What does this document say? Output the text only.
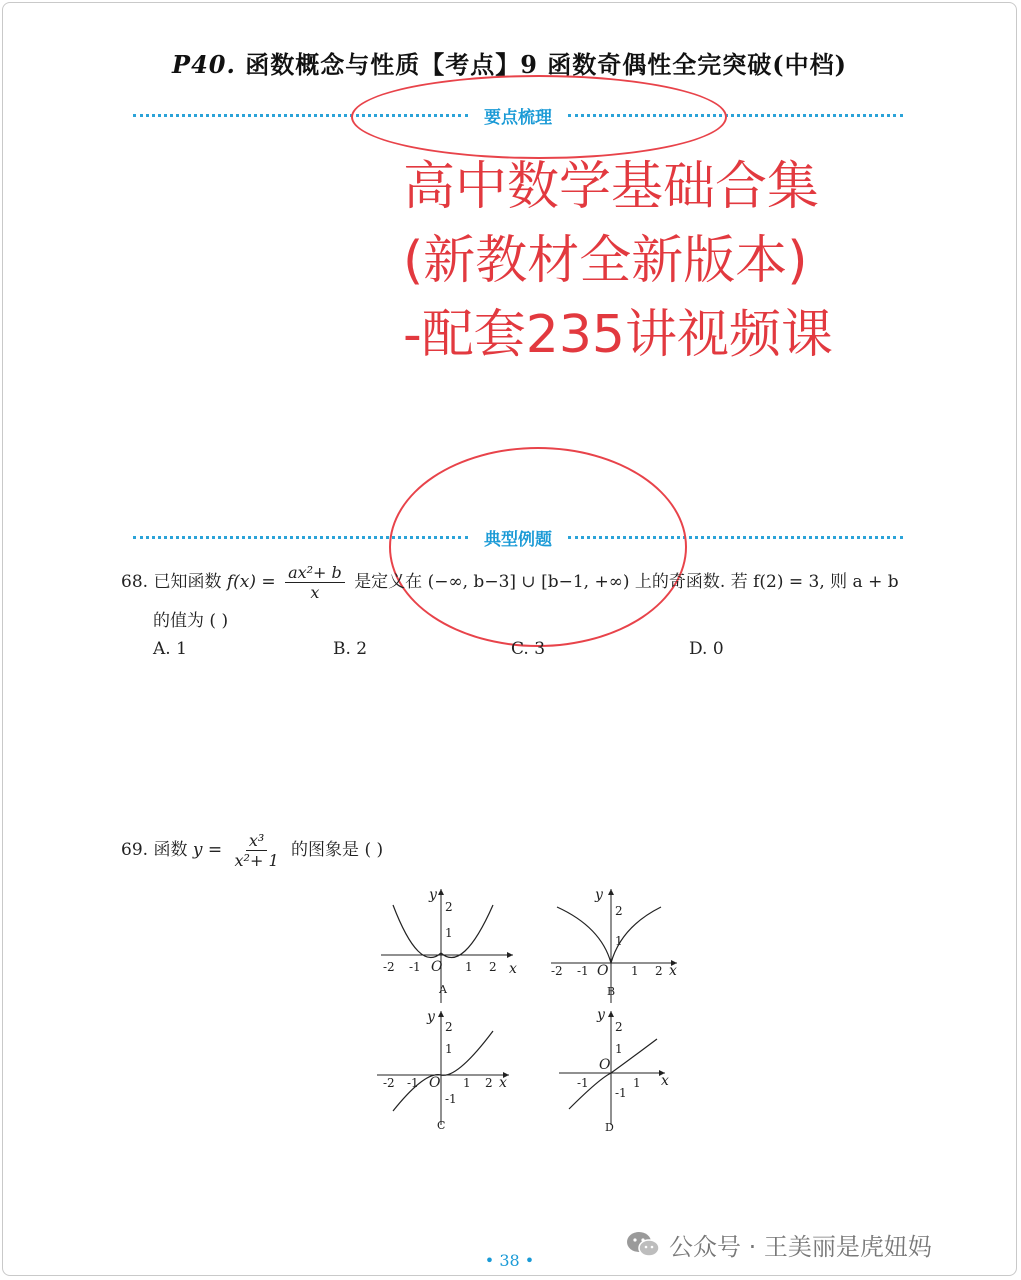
P40. 函数概念与性质【考点】9 函数奇偶性全完突破(中档)
要点梳理
高中数学基础合集
(新教材全新版本)
-配套235讲视频课
典型例题
68. 已知函数 $f(x) = \frac{\text{ax²+ b}}{x}$ 是定义在 (−∞, b−3] ∪ [b−1, +∞) 上的奇函数. 若 f(2) = 3, 则 a + b
的值为 ( )
A. 1	B. 2	C. 3	D. 0
69. 函数 $y = \frac{\text{x³}}{\text{x²+ 1}}$ 的图象是 ( )
x
y
O
2
1
-2 -1	1 2
A
x
y
O
2
1
-2 -1	1 2
B
x
y
O
2
1
-1
-2 -1	1 2
C
x
y
O
2
1
-1
-1	1
D
• 38 •	公众号 · 王美丽是虎妞妈
